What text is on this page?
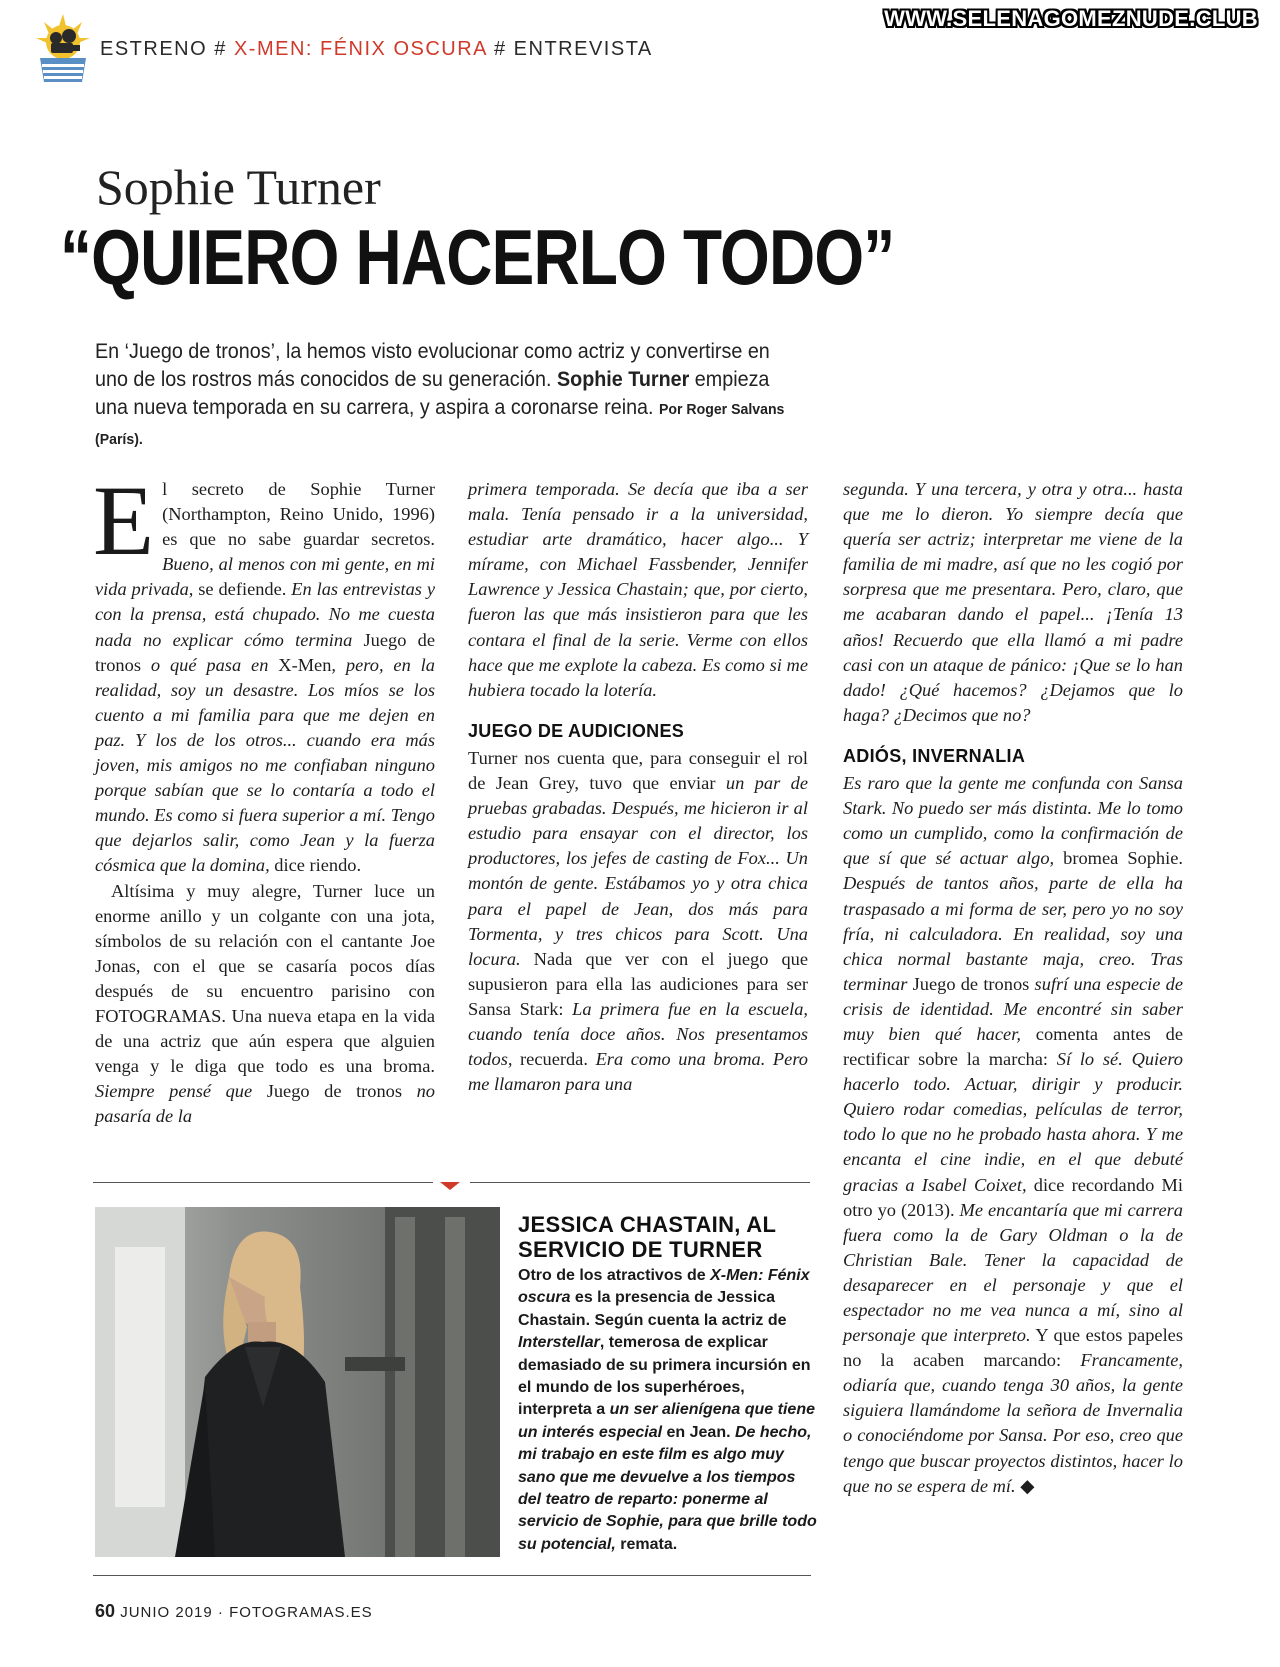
ESTRENO # X-MEN: FÉNIX OSCURA # ENTREVISTA
WWW.SELENAGOMEZNUDE.CLUB
Sophie Turner
“QUIERO HACERLO TODO”
En ‘Juego de tronos’, la hemos visto evolucionar como actriz y convertirse en uno de los rostros más conocidos de su generación. Sophie Turner empieza una nueva temporada en su carrera, y aspira a coronarse reina. Por Roger Salvans (París).

El secreto de Sophie Turner (Northampton, Reino Unido, 1996) es que no sabe guardar secretos. Bueno, al menos con mi gente, en mi vida privada, se defiende. En las entrevistas y con la prensa, está chupado. No me cuesta nada no explicar cómo termina Juego de tronos o qué pasa en X-Men, pero, en la realidad, soy un desastre. Los míos se los cuento a mi familia para que me dejen en paz. Y los de los otros... cuando era más joven, mis amigos no me confiaban ninguno porque sabían que se lo contaría a todo el mundo. Es como si fuera superior a mí. Tengo que dejarlos salir, como Jean y la fuerza cósmica que la domina, dice riendo.

Altísima y muy alegre, Turner luce un enorme anillo y un colgante con una jota, símbolos de su relación con el cantante Joe Jonas, con el que se casaría pocos días después de su encuentro parisino con FOTOGRAMAS. Una nueva etapa en la vida de una actriz que aún espera que alguien venga y le diga que todo es una broma. Siempre pensé que Juego de tronos no pasaría de la

primera temporada. Se decía que iba a ser mala. Tenía pensado ir a la universidad, estudiar arte dramático, hacer algo... Y mírame, con Michael Fassbender, Jennifer Lawrence y Jessica Chastain; que, por cierto, fueron las que más insistieron para que les contara el final de la serie. Verme con ellos hace que me explote la cabeza. Es como si me hubiera tocado la lotería.

JUEGO DE AUDICIONES

Turner nos cuenta que, para conseguir el rol de Jean Grey, tuvo que enviar un par de pruebas grabadas. Después, me hicieron ir al estudio para ensayar con el director, los productores, los jefes de casting de Fox... Un montón de gente. Estábamos yo y otra chica para el papel de Jean, dos más para Tormenta, y tres chicos para Scott. Una locura. Nada que ver con el juego que supusieron para ella las audiciones para ser Sansa Stark: La primera fue en la escuela, cuando tenía doce años. Nos presentamos todos, recuerda. Era como una broma. Pero me llamaron para una

segunda. Y una tercera, y otra y otra... hasta que me lo dieron. Yo siempre decía que quería ser actriz; interpretar me viene de la familia de mi madre, así que no les cogió por sorpresa que me presentara. Pero, claro, que me acabaran dando el papel... ¡Tenía 13 años! Recuerdo que ella llamó a mi padre casi con un ataque de pánico: ¡Que se lo han dado! ¿Qué hacemos? ¿Dejamos que lo haga? ¿Decimos que no?

ADIÓS, INVERNALIA

Es raro que la gente me confunda con Sansa Stark. No puedo ser más distinta. Me lo tomo como un cumplido, como la confirmación de que sí que sé actuar algo, bromea Sophie. Después de tantos años, parte de ella ha traspasado a mi forma de ser, pero yo no soy fría, ni calculadora. En realidad, soy una chica normal bastante maja, creo. Tras terminar Juego de tronos sufrí una especie de crisis de identidad. Me encontré sin saber muy bien qué hacer, comenta antes de rectificar sobre la marcha: Sí lo sé. Quiero hacerlo todo. Actuar, dirigir y producir. Quiero rodar comedias, películas de terror, todo lo que no he probado hasta ahora. Y me encanta el cine indie, en el que debuté gracias a Isabel Coixet, dice recordando Mi otro yo (2013). Me encantaría que mi carrera fuera como la de Gary Oldman o la de Christian Bale. Tener la capacidad de desaparecer en el personaje y que el espectador no me vea nunca a mí, sino al personaje que interpreto. Y que estos papeles no la acaben marcando: Francamente, odiaría que, cuando tenga 30 años, la gente siguiera llamándome la señora de Invernalia o conociéndome por Sansa. Por eso, creo que tengo que buscar proyectos distintos, hacer lo que no se espera de mí. ◆

JESSICA CHASTAIN, AL SERVICIO DE TURNER
Otro de los atractivos de X-Men: Fénix oscura es la presencia de Jessica Chastain. Según cuenta la actriz de Interstellar, temerosa de explicar demasiado de su primera incursión en el mundo de los superhéroes, interpreta a un ser alienígena que tiene un interés especial en Jean. De hecho, mi trabajo en este film es algo muy sano que me devuelve a los tiempos del teatro de reparto: ponerme al servicio de Sophie, para que brille todo su potencial, remata.
60 JUNIO 2019 · FOTOGRAMAS.ES
